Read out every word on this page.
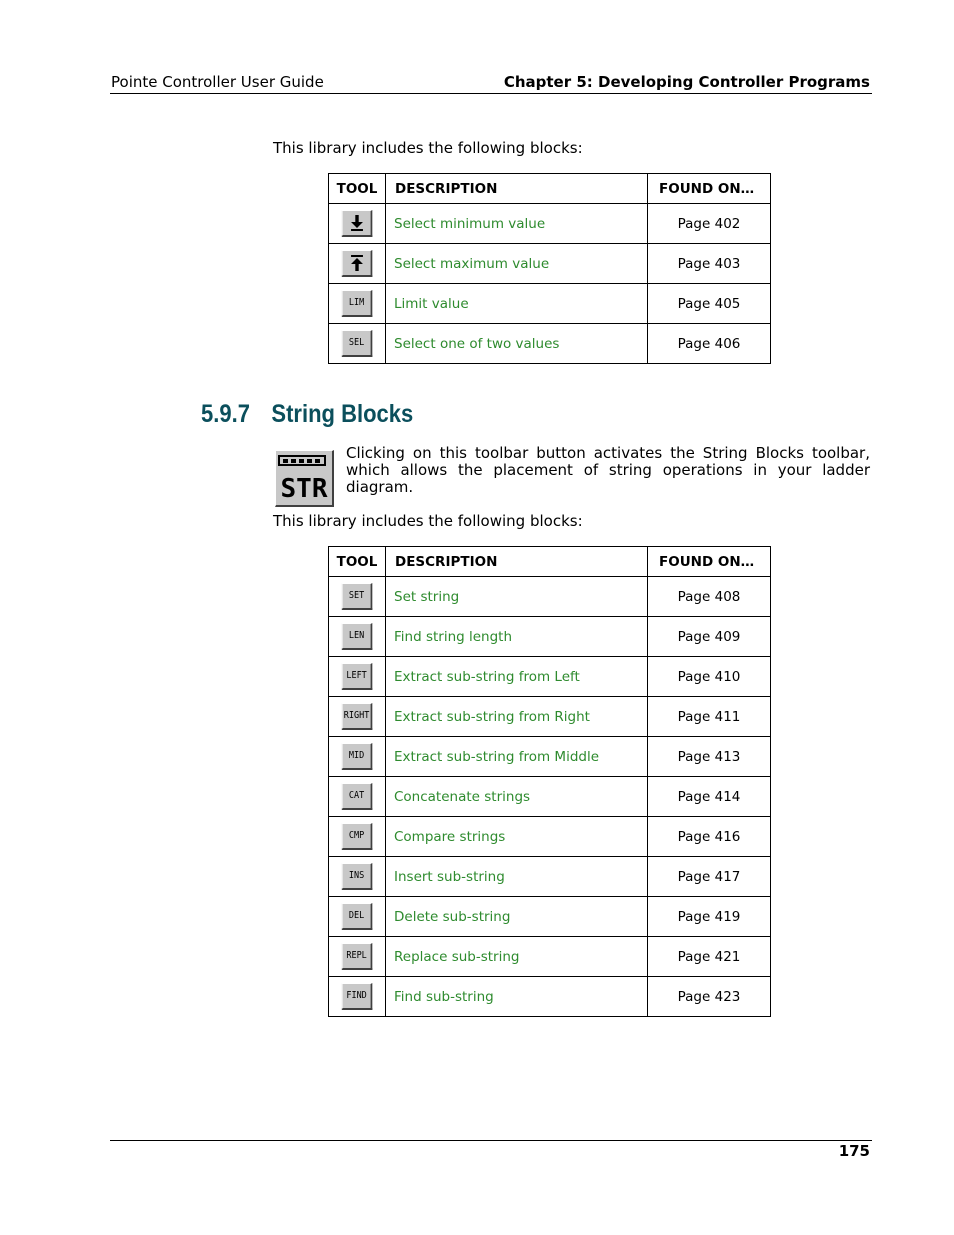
Pointe Controller User Guide	Chapter 5: Developing Controller Programs
This library includes the following blocks:
TOOL	DESCRIPTION	FOUND ON…

	Select minimum value	Page 402

	Select maximum value	Page 403
LIM	Limit value	Page 405
SEL	Select one of two values	Page 406
5.9.7 String Blocks
STR
Clicking on this toolbar button activates the String Blocks toolbar, which allows the placement of string operations in your ladder diagram.
This library includes the following blocks:
TOOL	DESCRIPTION	FOUND ON…
SET	Set string	Page 408
LEN	Find string length	Page 409
LEFT	Extract sub-string from Left	Page 410
RIGHT	Extract sub-string from Right	Page 411
MID	Extract sub-string from Middle	Page 413
CAT	Concatenate strings	Page 414
CMP	Compare strings	Page 416
INS	Insert sub-string	Page 417
DEL	Delete sub-string	Page 419
REPL	Replace sub-string	Page 421
FIND	Find sub-string	Page 423
175
